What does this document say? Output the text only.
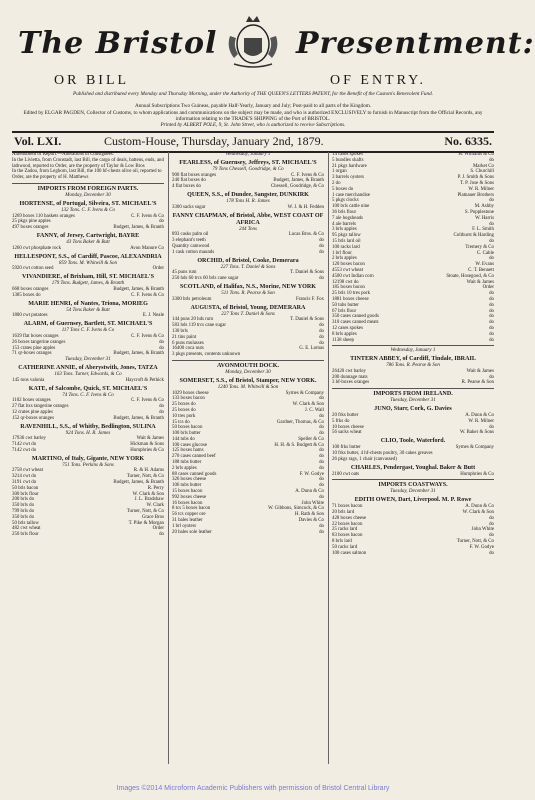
The Bristol	Presentment:
OR BILL	OF ENTRY.
Published and distributed every Monday and Thursday Morning, under the Authority of THE QUEEN'S LETTERS PATENT, for the Benefit of the Custom's Benevolent Fund.
Annual Subscriptions Two Guineas, payable Half-Yearly, January and July; Post-paid to all parts of the Kingdom.
Edited by ELGAR PAGDEN, Collector of Customs, to whom applications and communications on the subject may be made, and who is authorized EXCLUSIVELY to furnish in Manuscript from the Official Records, any information relating to the TRADE'S SHIPPING of the Port of BRISTOL.
Printed by ALBERT POLE, 9, St. John Street, who is authorized to receive Subscriptions.
Vol. LXI.	Custom-House, Thursday, January 2nd, 1879.	No. 6335.
Amendment of Report.—Alterations in Consignees.
In the Livietta, from Cronstadt, last Bill, the cargo of deals, battens, ends, and lathwood, reported to Order, are the property of Taylor & Low Bros
In the Zadou, from Leghorn, last Bill, the 100 hf-chests olive oil, reported to Order, are the property of H. Matthews
IMPORTS FROM FOREIGN PARTS.
Monday, December 30
HORTENSE, of Portugal, Silveira, ST. MICHAEL'S
132 Tons. C. F. Ivens & Co
1269 boxes 110 baskets oranges	C. F. Ivens & Co
25 pkgs pine apples	do
497 boxes oranges	Budgett, James, & Branth
FANNY, of Jersey, Cartwright, BAYRE
43 Tons Baker & Butt
1260 cwt phosphate rock	Avon Manure Co
HELLESPONT, S.S., of Cardiff, Pascoe, ALEXANDRIA
859 Tons. M. Whitwill & Son
5920 cwt cotton seed	Order
VIVANDIERE, of Brixham, Hill, ST. MICHAEL'S
179 Tons. Budgett, James, & Branth
668 boxes oranges	Budgett, James, & Branth
1385 boxes do	C. F. Ivens & Co
MARIE HENRI, of Nantes, Triona, MORIEG
54 Tons Baker & Butt
1800 cwt potatoes	E. J. Neale
ALARM, of Guernsey, Bartlett, ST. MICHAEL'S
117 Tons C. F. Ivens & Co
1639 flat boxes oranges	C. F. Ivens & Co
26 boxes tangerine oranges	do
153 crates pine apples	do
71 qr-boxes oranges	Budgett, James, & Branth
Tuesday, December 31
CATHERINE ANNIE, of Aberystwith, Jones, TATZA
163 Tons. Turner, Edwards, & Co
145 tons valonia	Haycroft & Pethick
KATE, of Salcombe, Quick, ST. MICHAEL'S
74 Tons. C. F. Ivens & Co
1102 boxes oranges	C. F. Ivens & Co
27 flat bxs tangerine oranges	do
12 crates pine apples	do
152 qr-boxes oranges	Budgett, James, & Branth
RAVENHILL, S.S., of Whitby, Bedlington, SULINA
924 Tons. H. R. James
17936 cwt barley	Wait & James
7142 cwt do	Hickman & Sons
7142 cwt do	Humphries & Co
MARTINO, of Italy, Gigante, NEW YORK
751 Tons. Perkins & Sons
2758 cwt wheat	R. & H. Adams
3214 cwt do	Turner, Nott, & Co
3191 cwt do	Budgett, James, & Branth
50 brls bacon	R. Perry
300 brls flour	W. Clark & Son
200 brls do	J. L. Bradshaw
350 brls do	W. Clark
799 brls do	Turner, Nott, & Co
350 brls do	Grace Bros
50 brls tallow	T. Pike & Morgan
482 cwt wheat	Order
250 brls flour	do
Wednesday, January 1
FEARLESS, of Guernsey, Jeffreys, ST. MICHAEL'S
79 Tons Chessell, Goodridge, & Co
900 flat boxes oranges	C. F. Ivens & Co
240 flat boxes do	Budgett, James, & Branth
4 flat boxes do	Chessell, Goodridge, & Co
QUEEN, S.S., of Dundee, Sangster, DUNKIRK
178 Tons H. R. James
3300 sacks sugar	W. J. & H. Fedden
FANNY CHAPMAN, of Bristol, Abbe, WEST COAST OF AFRICA
244 Tons
893 casks palm oil	Lucas Bros. & Co
3 elephant's teeth	do
Quantity camwood	do
1 cask cotton maunds	do
ORCHID, of Bristol, Cooke, Demerara
227 Tons. T. Daniel & Sons
45 puns rum	T. Daniel & Sons
250 hds 60 trcs 60 brls cane sugar	do
SCOTLAND, of Halifax, N.S., Morine, NEW YORK
511 Tons. R. Pearse & Son
3300 brls petroleum	Francis F. Fox
AUGUSTA, of Bristol, Young, DEMERARA
227 Tons T. Daniel & Sons
144 puns 20 hds rum	T. Daniel & Sons
583 hds 119 trcs cane sugar	do
130 brls	do
21 tins paint	do
6 puns molasses	do
16400 coca nuts	G. E. Lomas
3 pkgs presents, contents unknown
AVONMOUTH DOCK.
Monday, December 30
SOMERSET, S.S., of Bristol, Stamper, NEW YORK.
1240 Tons. M. Whitwill & Son
1029 boxes cheese	Symes & Company
133 boxes bacon	do
25 boxes do	W. Clark & Son
25 boxes do	J. C. Wall
10 tres pork	do
15 tcs do	Gardner, Thomas, & Co
50 boxes bacon	do
100 brls butter	do
144 tubs do	Speller & Co
100 cases glucose	H. H. & S. Budgett & Co
125 boxes hams	do
270 cases canned beef	do
188 tubs butter	do
2 brls apples	do
88 cases canned goods	F. W. Godye
326 boxes cheese	do
106 tubs butter	do
15 boxes bacon	A. Dunn & Co
992 boxes cheese	do
16 boxes bacon	John White
8 tcs 5 boxes bacon	W. Gibbons, Simcock, & Co
56 tcs copper ore	H. Rath & Son
31 bales leather	Davies & Co
1 brl oysters	do
20 bales sole leather	do
14 cases spokes	H. Williams & Co
5 bundles shafts	do
21 pkgs hardware	Market Co
1 organ	S. Churchill
3 barrels oysters	P. J. Smith & Sons
2 do	T. P. Jose & Sons
5 boxes do	W. R. Milner
1 case merchandise	Platnauer Brothers
5 pkgs clocks	do
100 brls cattle nine	M. Ashby
36 brls flour	S. Popplestone
7 ale hogsheads	W. Harris
4 ale barrels	do
3 brls apples	F. L. Smith
95 pkgs tallow	Colthurst & Harding
15 brls lard oil	do
100 racks lard	Tremery & Co
1 brl flour	C. Cable
2 brls apples	do
120 boxes bacon	W. Evans
4553 cwt wheat	C. T. Bennett
4500 cwt Indian corn	Stoate, Hosegood, & Co
12198 cwt do	Wait & James
185 boxes bacon	Order
25 brls 10 tres pork	do
1881 boxes cheese	do
50 tubs butter	do
67 brls flour	do
350 cases canned goods	do
310 cases canned meats	do
12 cases spokes	do
8 brls apples	do
1138 sheep	do
Wednesday, January 1
TINTERN ABBEY, of Cardiff, Tindale, IBRAIL
786 Tons. R. Pearse & Son
26420 cwt barley	Wait & James
200 dunnage mats	do
3 hf-boxes oranges	R. Pearse & Son
IMPORTS FROM IRELAND.
Tuesday, December 31
JUNO, Starr, Cork, G. Davies
20 frks butter	A. Dunn & Co
5 frks do	W. R. Milner
10 boxes cheese	do
56 sacks wheat	W. Baker & Sons
CLIO, Toole, Waterford.
100 frks butter	Symes & Company
10 frks butter, 4 hf-chests poultry, 30 cakes greaves
26 pkgs rags, 1 chair (canvassed)
CHARLES, Pendergast, Youghal. Baker & Butt
2100 cwt oats	Humphries & Co
IMPORTS COASTWAYS.
Tuesday, December 31
EDITH OWEN, Dart, Liverpool. M. P. Rowe
71 boxes bacon	A. Dunn & Co
20 brls lard	W. Clark & Son
428 boxes cheese	do
22 boxes bacon	do
25 racks lard	John White
83 boxes bacon	do
8 brls lard	Turner, Nott, & Co
50 racks lard	F. W. Godye
100 cases salmon	do
Images ©2014 Microform Academic Publishers with permission of Bristol Central Library
